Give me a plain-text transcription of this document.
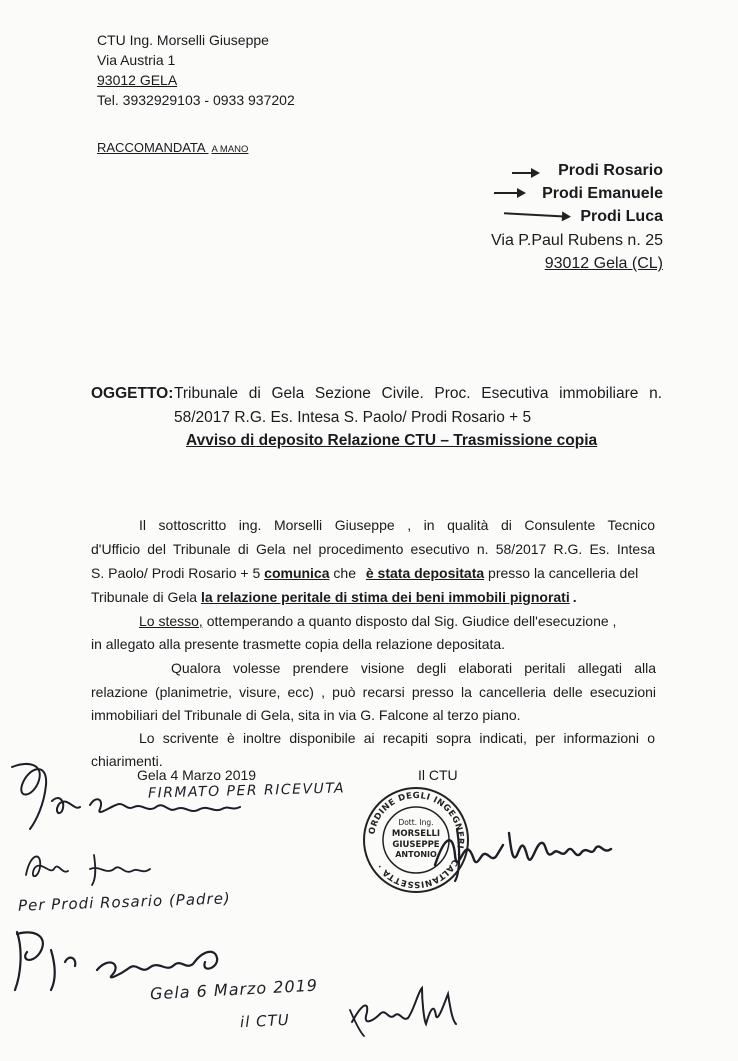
CTU Ing. Morselli Giuseppe
Via Austria 1
93012 GELA
Tel. 3932929103 - 0933 937202
RACCOMANDATA A MANO
Prodi Rosario
Prodi Emanuele
Prodi Luca
Via P.Paul Rubens n. 25
93012 Gela (CL)
OGGETTO: Tribunale di Gela Sezione Civile. Proc. Esecutiva immobiliare n.
58/2017 R.G. Es. Intesa S. Paolo/ Prodi Rosario + 5
Avviso di deposito Relazione CTU – Trasmissione copia
Il sottoscritto ing. Morselli Giuseppe , in qualità di Consulente Tecnico
d'Ufficio del Tribunale di Gela nel procedimento esecutivo n. 58/2017 R.G. Es. Intesa
S. Paolo/ Prodi Rosario + 5 comunica che è stata depositata presso la cancelleria del
Tribunale di Gela la relazione peritale di stima dei beni immobili pignorati .
Lo stesso, ottemperando a quanto disposto dal Sig. Giudice dell'esecuzione ,
in allegato alla presente trasmette copia della relazione depositata.
Qualora volesse prendere visione degli elaborati peritali allegati alla
relazione (planimetrie, visure, ecc) , può recarsi presso la cancelleria delle esecuzioni
immobiliari del Tribunale di Gela, sita in via G. Falcone al terzo piano.
Lo scrivente è inoltre disponibile ai recapiti sopra indicati, per informazioni o
chiarimenti.
Gela 4 Marzo 2019	Il CTU
FIRMATO PER RICEVUTA
ORDINE DEGLI INGEGNERI · CALTANISSETTA ·
Dott. Ing.
MORSELLI
GIUSEPPE
ANTONIO
Per Prodi Rosario (Padre)
Gela 6 Marzo 2019
il CTU
